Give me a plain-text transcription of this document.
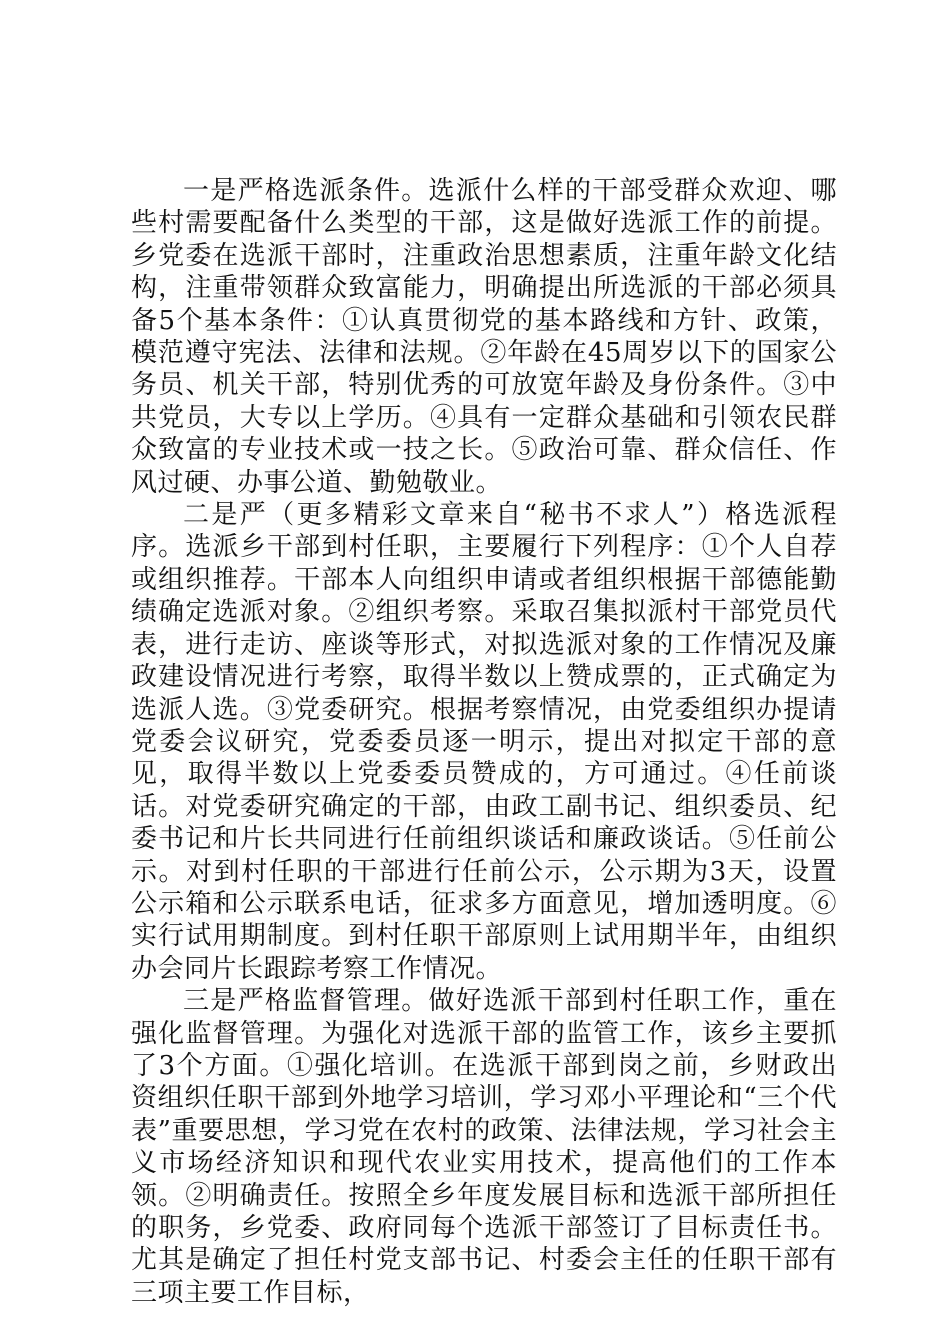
一是严格选派条件。选派什么样的干部受群众欢迎、哪些村需要配备什么类型的干部，这是做好选派工作的前提。乡党委在选派干部时，注重政治思想素质，注重年龄文化结构，注重带领群众致富能力，明确提出所选派的干部必须具备5个基本条件：①认真贯彻党的基本路线和方针、政策，模范遵守宪法、法律和法规。②年龄在45周岁以下的国家公务员、机关干部，特别优秀的可放宽年龄及身份条件。③中共党员，大专以上学历。④具有一定群众基础和引领农民群众致富的专业技术或一技之长。⑤政治可靠、群众信任、作风过硬、办事公道、勤勉敬业。

二是严（更多精彩文章来自“秘书不求人”）格选派程序。选派乡干部到村任职，主要履行下列程序：①个人自荐或组织推荐。干部本人向组织申请或者组织根据干部德能勤绩确定选派对象。②组织考察。采取召集拟派村干部党员代表，进行走访、座谈等形式，对拟选派对象的工作情况及廉政建设情况进行考察，取得半数以上赞成票的，正式确定为选派人选。③党委研究。根据考察情况，由党委组织办提请党委会议研究，党委委员逐一明示，提出对拟定干部的意见，取得半数以上党委委员赞成的，方可通过。④任前谈话。对党委研究确定的干部，由政工副书记、组织委员、纪委书记和片长共同进行任前组织谈话和廉政谈话。⑤任前公示。对到村任职的干部进行任前公示，公示期为3天，设置公示箱和公示联系电话，征求多方面意见，增加透明度。⑥实行试用期制度。到村任职干部原则上试用期半年，由组织办会同片长跟踪考察工作情况。

三是严格监督管理。做好选派干部到村任职工作，重在强化监督管理。为强化对选派干部的监管工作，该乡主要抓了3个方面。①强化培训。在选派干部到岗之前，乡财政出资组织任职干部到外地学习培训，学习邓小平理论和“三个代表”重要思想，学习党在农村的政策、法律法规，学习社会主义市场经济知识和现代农业实用技术，提高他们的工作本领。②明确责任。按照全乡年度发展目标和选派干部所担任的职务，乡党委、政府同每个选派干部签订了目标责任书。尤其是确定了担任村党支部书记、村委会主任的任职干部有三项主要工作目标，
